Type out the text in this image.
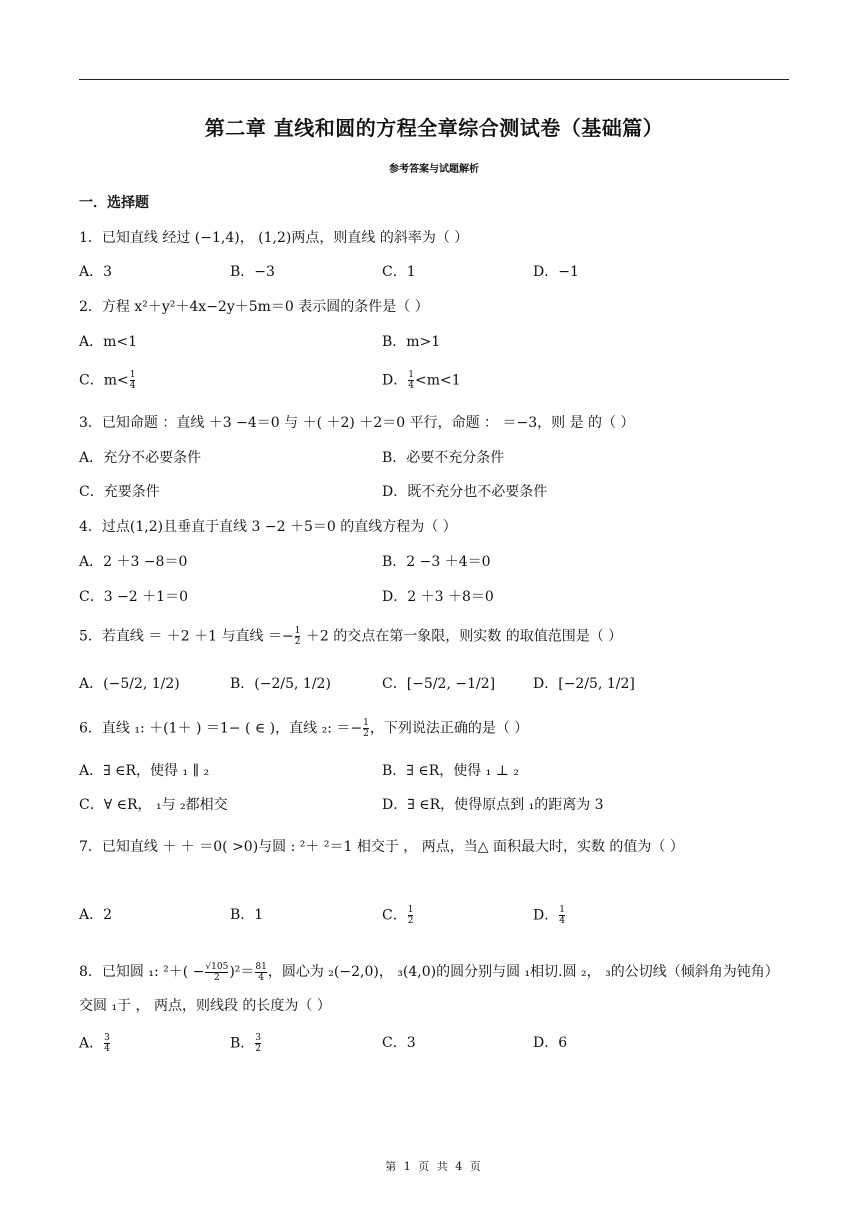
第二章 直线和圆的方程全章综合测试卷（基础篇）
参考答案与试题解析
一．选择题
1．已知直线 经过 (−1,4)， (1,2)两点，则直线 的斜率为（ ）
A．3	B．−3	C．1	D．−1
2．方程 x²＋y²＋4x−2y＋5m＝0 表示圆的条件是（ ）
A．m<1	B．m>1
C．$m< \frac{1}{4}$	D． $\frac{1}{4} <m<1$
3．已知命题 ：直线 ＋3 −4＝0 与 ＋( ＋2) ＋2＝0 平行，命题 ： ＝−3，则 是 的（ ）
A．充分不必要条件	B．必要不充分条件
C．充要条件	D．既不充分也不必要条件
4．过点(1,2)且垂直于直线 3 −2 ＋5＝0 的直线方程为（ ）
A．2 ＋3 −8＝0	B．2 −3 ＋4＝0
C．3 −2 ＋1＝0	D．2 ＋3 ＋8＝0
5．若直线 ＝ ＋2 ＋1 与直线 ＝− $\frac{1}{2} +2$ 的交点在第一象限，则实数 的取值范围是（ ）
A．(−5/2, 1/2)	B．(−2/5, 1/2)	C．[−5/2, −1/2]	D．[−2/5, 1/2]
6．直线 ₁: ＋(1＋ ) ＝1− ( ∈ )，直线 ₂: ＝− $\frac{1}{2}$ ，下列说法正确的是（ ）
A．∃ ∈R，使得 ₁ ∥ ₂	B．∃ ∈R，使得 ₁ ⊥ ₂
C．∀ ∈R， ₁与 ₂都相交	D．∃ ∈R，使得原点到 ₁的距离为 3
7．已知直线 ＋ ＋ ＝0( >0)与圆 : ²＋ ²＝1 相交于 ， 两点，当△ 面积最大时，实数 的值为（ ）
A．2	B．1	C． $\frac{1}{2}$	D． $\frac{1}{4}$
8．已知圆 ₁: $^2+( - \frac{√105}{2} )^2= \frac{81}{4}$ ，圆心为 ₂(−2,0)， ₃(4,0)的圆分别与圆 ₁相切.圆 ₂， ₃的公切线（倾斜角为钝角）交圆 ₁于 ， 两点，则线段 的长度为（ ）
A． $\frac{3}{4}$	B． $\frac{3}{2}$	C．3	D．6
第 1 页 共 4 页
